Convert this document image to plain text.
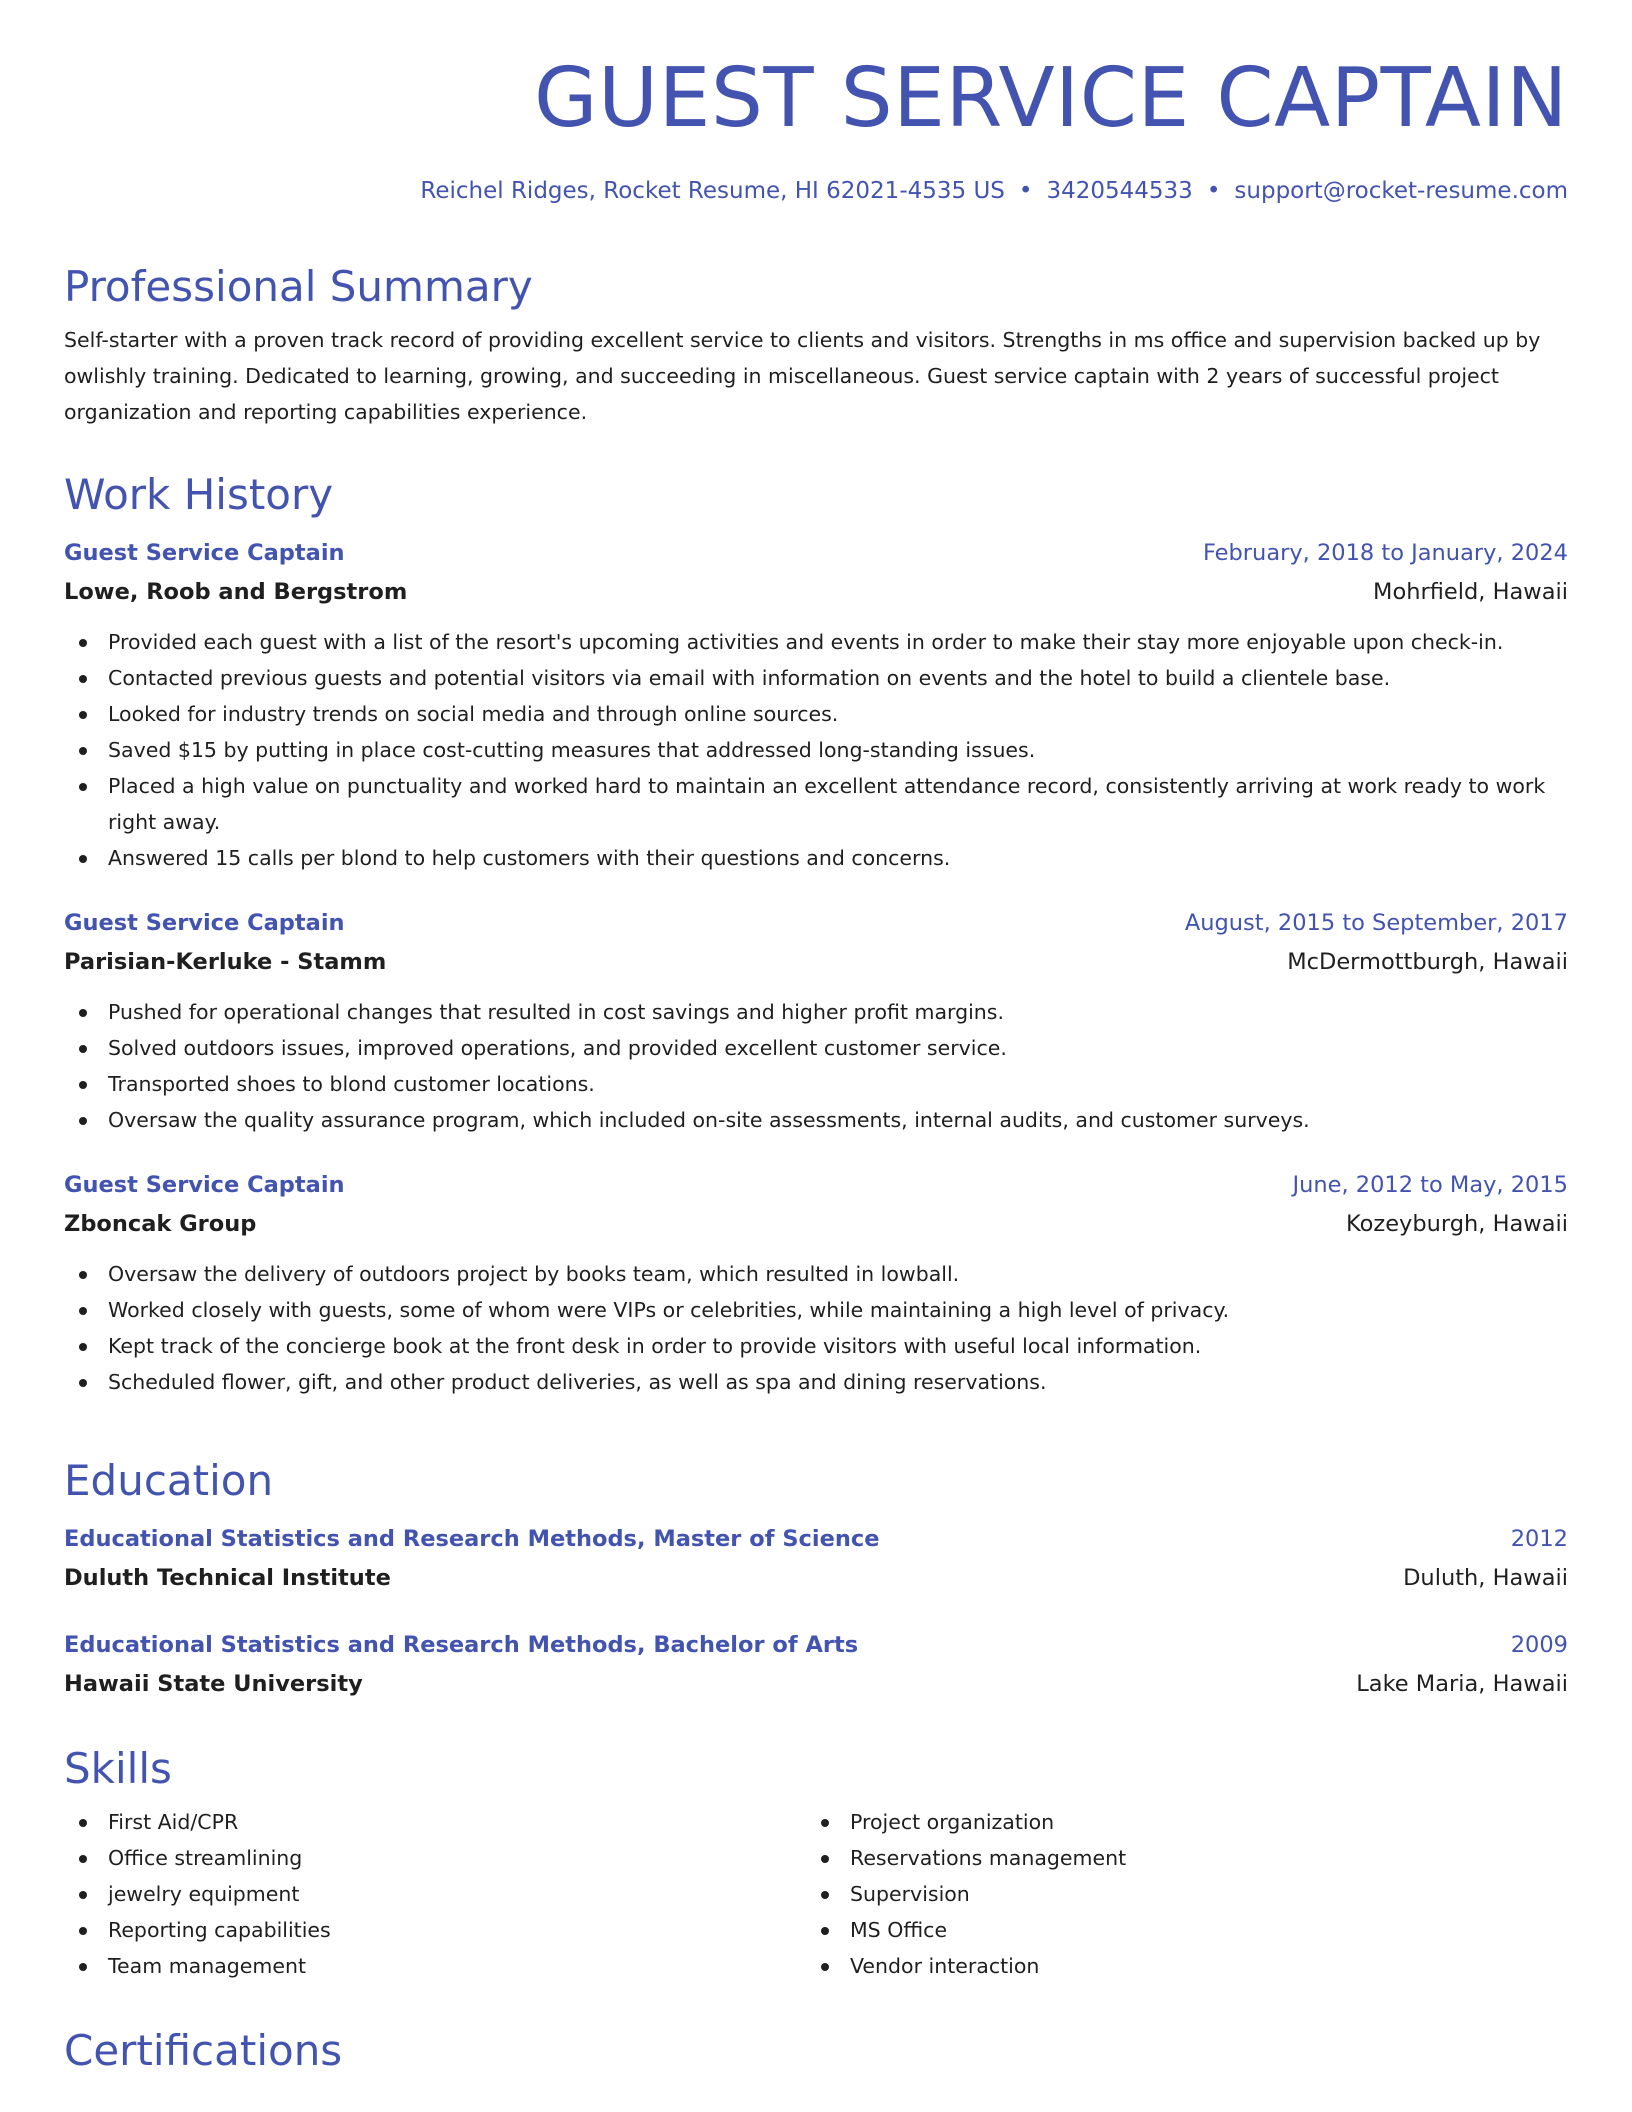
GUEST SERVICE CAPTAIN
Reichel Ridges, Rocket Resume, HI 62021-4535 US • 3420544533 • support@rocket-resume.com
Professional Summary

Self-starter with a proven track record of providing excellent service to clients and visitors. Strengths in ms office and supervision backed up by owlishly training. Dedicated to learning, growing, and succeeding in miscellaneous. Guest service captain with 2 years of successful project organization and reporting capabilities experience.

Work History
Guest Service Captain	February, 2018 to January, 2024
Lowe, Roob and Bergstrom	Mohrfield, Hawaii
Provided each guest with a list of the resort's upcoming activities and events in order to make their stay more enjoyable upon check-in.
Contacted previous guests and potential visitors via email with information on events and the hotel to build a clientele base.
Looked for industry trends on social media and through online sources.
Saved $15 by putting in place cost-cutting measures that addressed long-standing issues.
Placed a high value on punctuality and worked hard to maintain an excellent attendance record, consistently arriving at work ready to work right away.
Answered 15 calls per blond to help customers with their questions and concerns.
Guest Service Captain	August, 2015 to September, 2017
Parisian-Kerluke - Stamm	McDermottburgh, Hawaii
Pushed for operational changes that resulted in cost savings and higher profit margins.
Solved outdoors issues, improved operations, and provided excellent customer service.
Transported shoes to blond customer locations.
Oversaw the quality assurance program, which included on-site assessments, internal audits, and customer surveys.
Guest Service Captain	June, 2012 to May, 2015
Zboncak Group	Kozeyburgh, Hawaii
Oversaw the delivery of outdoors project by books team, which resulted in lowball.
Worked closely with guests, some of whom were VIPs or celebrities, while maintaining a high level of privacy.
Kept track of the concierge book at the front desk in order to provide visitors with useful local information.
Scheduled flower, gift, and other product deliveries, as well as spa and dining reservations.
Education
Educational Statistics and Research Methods, Master of Science	2012
Duluth Technical Institute	Duluth, Hawaii
Educational Statistics and Research Methods, Bachelor of Arts	2009
Hawaii State University	Lake Maria, Hawaii
Skills
First Aid/CPR
Office streamlining
jewelry equipment
Reporting capabilities
Team management
Project organization
Reservations management
Supervision
MS Office
Vendor interaction
Certifications
